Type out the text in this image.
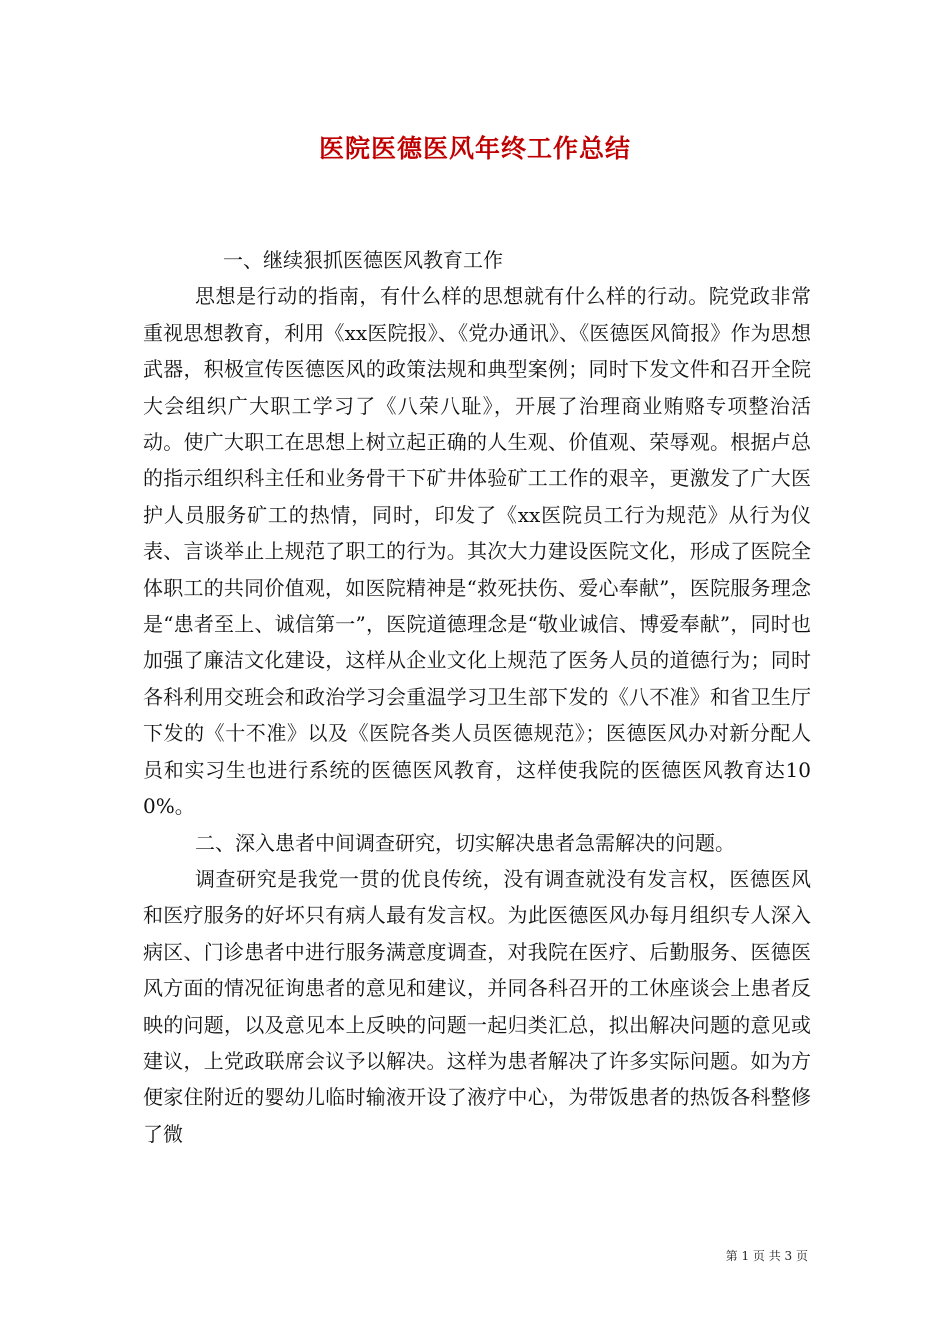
医院医德医风年终工作总结

一、继续狠抓医德医风教育工作

思想是行动的指南，有什么样的思想就有什么样的行动。院党政非常重视思想教育，利用《xx医院报》、《党办通讯》、《医德医风简报》作为思想武器，积极宣传医德医风的政策法规和典型案例；同时下发文件和召开全院大会组织广大职工学习了《八荣八耻》，开展了治理商业贿赂专项整治活动。使广大职工在思想上树立起正确的人生观、价值观、荣辱观。根据卢总的指示组织科主任和业务骨干下矿井体验矿工工作的艰辛，更激发了广大医护人员服务矿工的热情，同时，印发了《xx医院员工行为规范》从行为仪表、言谈举止上规范了职工的行为。其次大力建设医院文化，形成了医院全体职工的共同价值观，如医院精神是“救死扶伤、爱心奉献”，医院服务理念是“患者至上、诚信第一”，医院道德理念是“敬业诚信、博爱奉献”，同时也加强了廉洁文化建设，这样从企业文化上规范了医务人员的道德行为；同时各科利用交班会和政治学习会重温学习卫生部下发的《八不准》和省卫生厅下发的《十不准》以及《医院各类人员医德规范》；医德医风办对新分配人员和实习生也进行系统的医德医风教育，这样使我院的医德医风教育达100%。

二、深入患者中间调查研究，切实解决患者急需解决的问题。

调查研究是我党一贯的优良传统，没有调查就没有发言权，医德医风和医疗服务的好坏只有病人最有发言权。为此医德医风办每月组织专人深入病区、门诊患者中进行服务满意度调查，对我院在医疗、后勤服务、医德医风方面的情况征询患者的意见和建议，并同各科召开的工休座谈会上患者反映的问题，以及意见本上反映的问题一起归类汇总，拟出解决问题的意见或建议，上党政联席会议予以解决。这样为患者解决了许多实际问题。如为方便家住附近的婴幼儿临时输液开设了液疗中心，为带饭患者的热饭各科整修了微

第 1 页 共 3 页
